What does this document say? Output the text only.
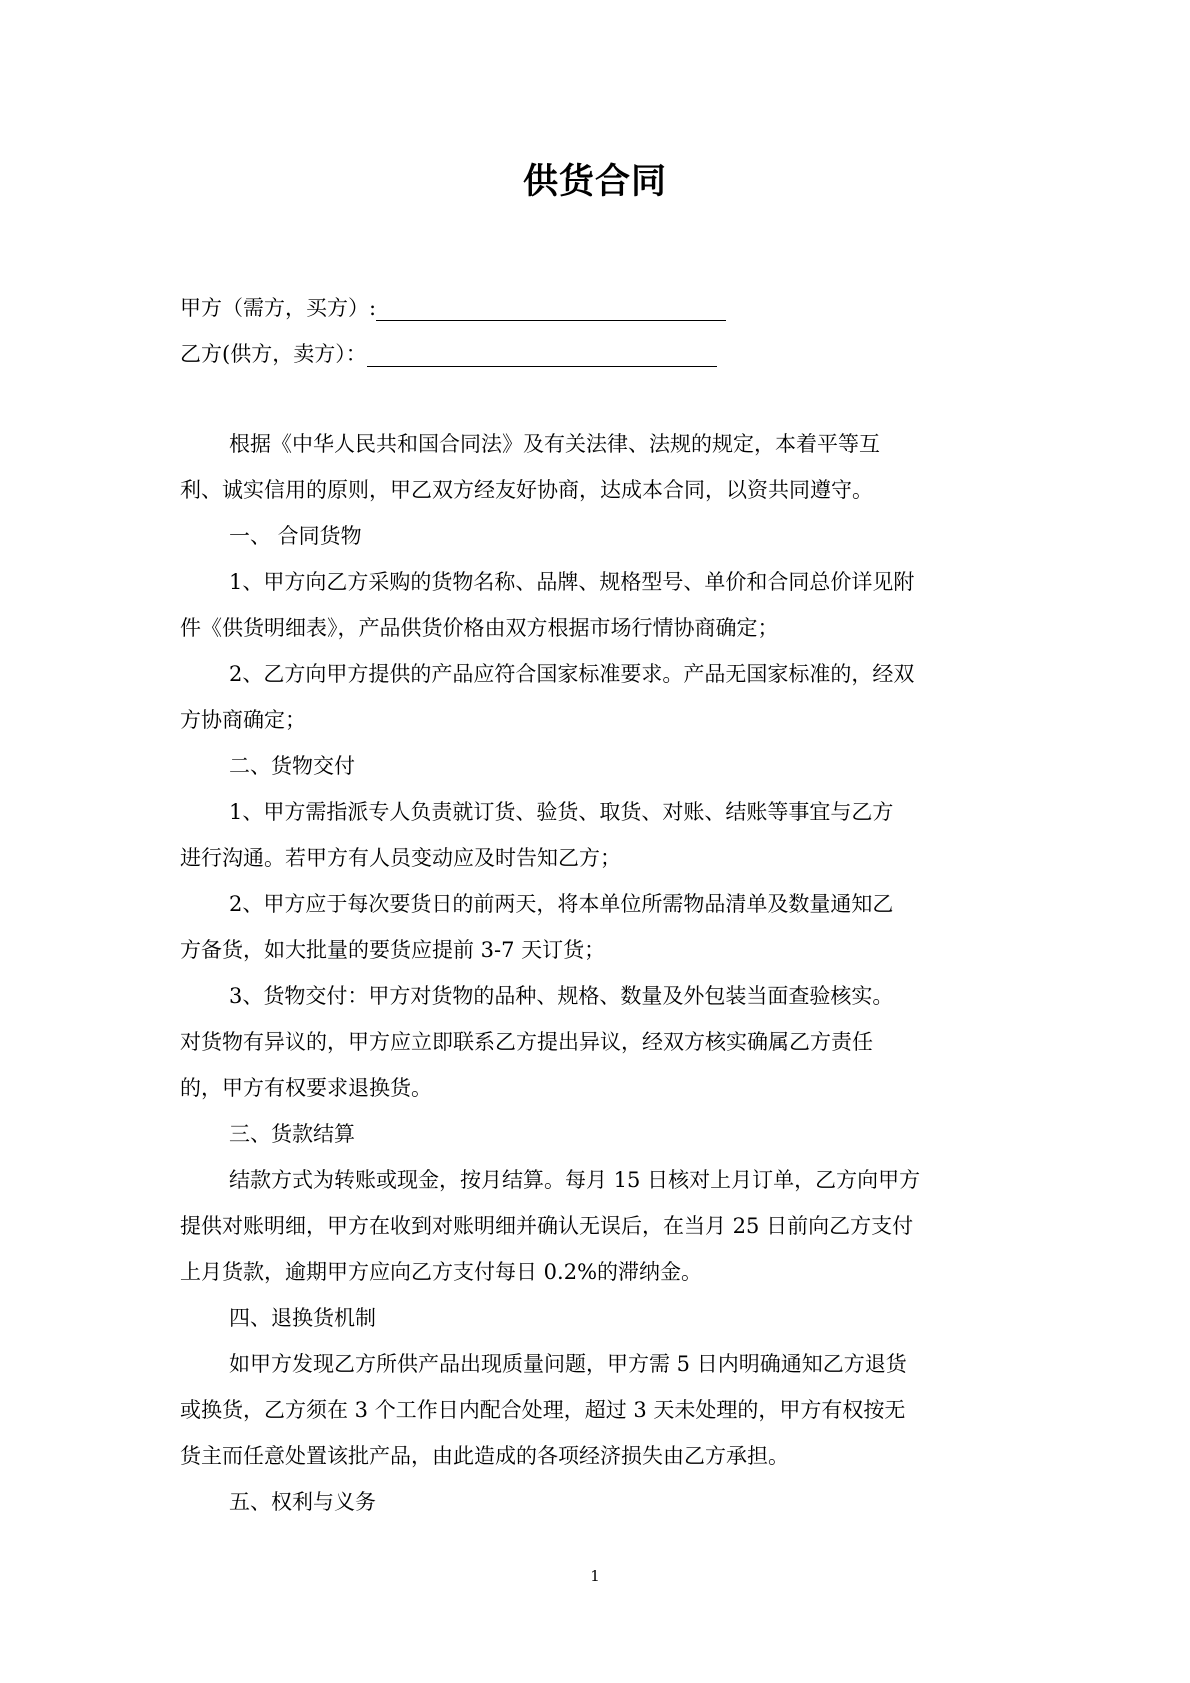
供货合同
甲方（需方，买方）:
乙方(供方，卖方）：
根据《中华人民共和国合同法》及有关法律、法规的规定，本着平等互
利、诚实信用的原则，甲乙双方经友好协商，达成本合同，以资共同遵守。
一、 合同货物
1、甲方向乙方采购的货物名称、品牌、规格型号、单价和合同总价详见附
件《供货明细表》，产品供货价格由双方根据市场行情协商确定；
2、乙方向甲方提供的产品应符合国家标准要求。产品无国家标准的，经双
方协商确定；
二、货物交付
1、甲方需指派专人负责就订货、验货、取货、对账、结账等事宜与乙方
进行沟通。若甲方有人员变动应及时告知乙方；
2、甲方应于每次要货日的前两天，将本单位所需物品清单及数量通知乙
方备货，如大批量的要货应提前 3-7 天订货；
3、货物交付：甲方对货物的品种、规格、数量及外包装当面查验核实。
对货物有异议的，甲方应立即联系乙方提出异议，经双方核实确属乙方责任
的，甲方有权要求退换货。
三、货款结算
结款方式为转账或现金，按月结算。每月 15 日核对上月订单，乙方向甲方
提供对账明细，甲方在收到对账明细并确认无误后，在当月 25 日前向乙方支付
上月货款，逾期甲方应向乙方支付每日 0.2%的滞纳金。
四、退换货机制
如甲方发现乙方所供产品出现质量问题，甲方需 5 日内明确通知乙方退货
或换货，乙方须在 3 个工作日内配合处理，超过 3 天未处理的，甲方有权按无
货主而任意处置该批产品，由此造成的各项经济损失由乙方承担。
五、权利与义务
1
